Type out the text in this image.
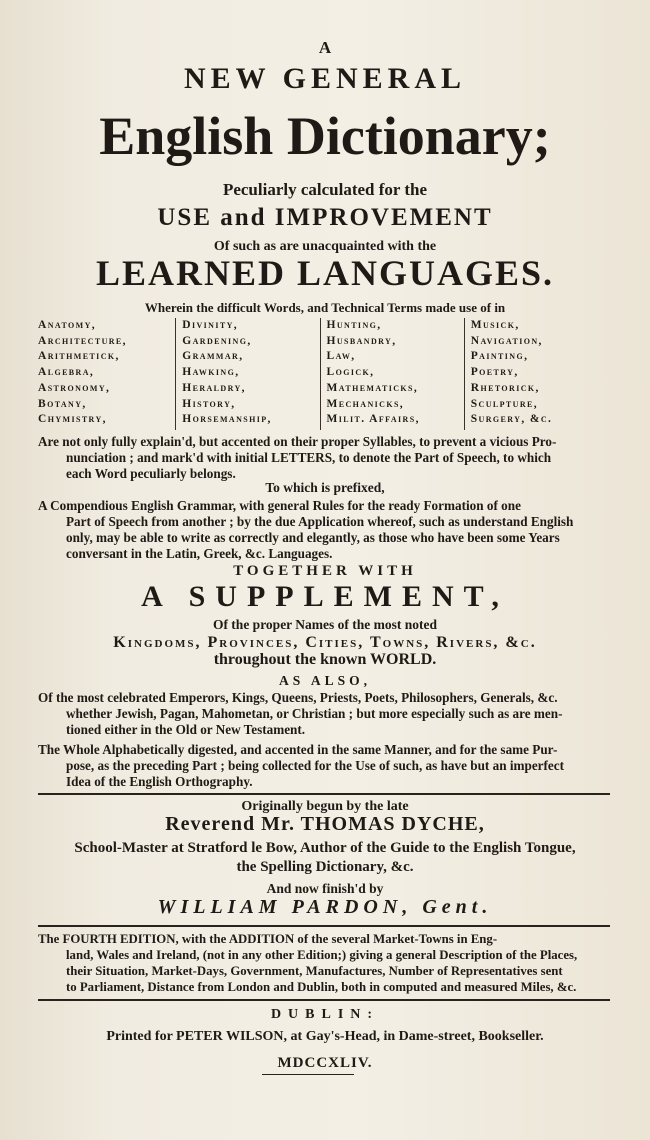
A
NEW GENERAL
English Dictionary;
Peculiarly calculated for the
USE and IMPROVEMENT
Of such as are unacquainted with the
LEARNED LANGUAGES.
Wherein the difficult Words, and Technical Terms made use of in
Anatomy,
Architecture,
Arithmetick,
Algebra,
Astronomy,
Botany,
Chymistry,
Divinity,
Gardening,
Grammar,
Hawking,
Heraldry,
History,
Horsemanship,
Hunting,
Husbandry,
Law,
Logick,
Mathematicks,
Mechanicks,
Milit. Affairs,
Musick,
Navigation,
Painting,
Poetry,
Rhetorick,
Sculpture,
Surgery, &c.
Are not only fully explain'd, but accented on their proper Syllables, to prevent a vicious Pro-
nunciation ; and mark'd with initial LETTERS, to denote the Part of Speech, to which
each Word peculiarly belongs.
To which is prefixed,
A Compendious English Grammar, with general Rules for the ready Formation of one
Part of Speech from another ; by the due Application whereof, such as understand English
only, may be able to write as correctly and elegantly, as those who have been some Years
conversant in the Latin, Greek, &c. Languages.
TOGETHER WITH
A SUPPLEMENT,
Of the proper Names of the most noted
Kingdoms, Provinces, Cities, Towns, Rivers, &c.
throughout the known WORLD.
AS ALSO,
Of the most celebrated Emperors, Kings, Queens, Priests, Poets, Philosophers, Generals, &c.
whether Jewish, Pagan, Mahometan, or Christian ; but more especially such as are men-
tioned either in the Old or New Testament.
The Whole Alphabetically digested, and accented in the same Manner, and for the same Pur-
pose, as the preceding Part ; being collected for the Use of such, as have but an imperfect
Idea of the English Orthography.
Originally begun by the late
Reverend Mr. THOMAS DYCHE,
School-Master at Stratford le Bow, Author of the Guide to the English Tongue,
the Spelling Dictionary, &c.
And now finish'd by
WILLIAM PARDON, Gent.
The FOURTH EDITION, with the ADDITION of the several Market-Towns in Eng-
land, Wales and Ireland, (not in any other Edition;) giving a general Description of the Places,
their Situation, Market-Days, Government, Manufactures, Number of Representatives sent
to Parliament, Distance from London and Dublin, both in computed and measured Miles, &c.
DUBLIN:
Printed for PETER WILSON, at Gay's-Head, in Dame-street, Bookseller.
MDCCXLIV.
